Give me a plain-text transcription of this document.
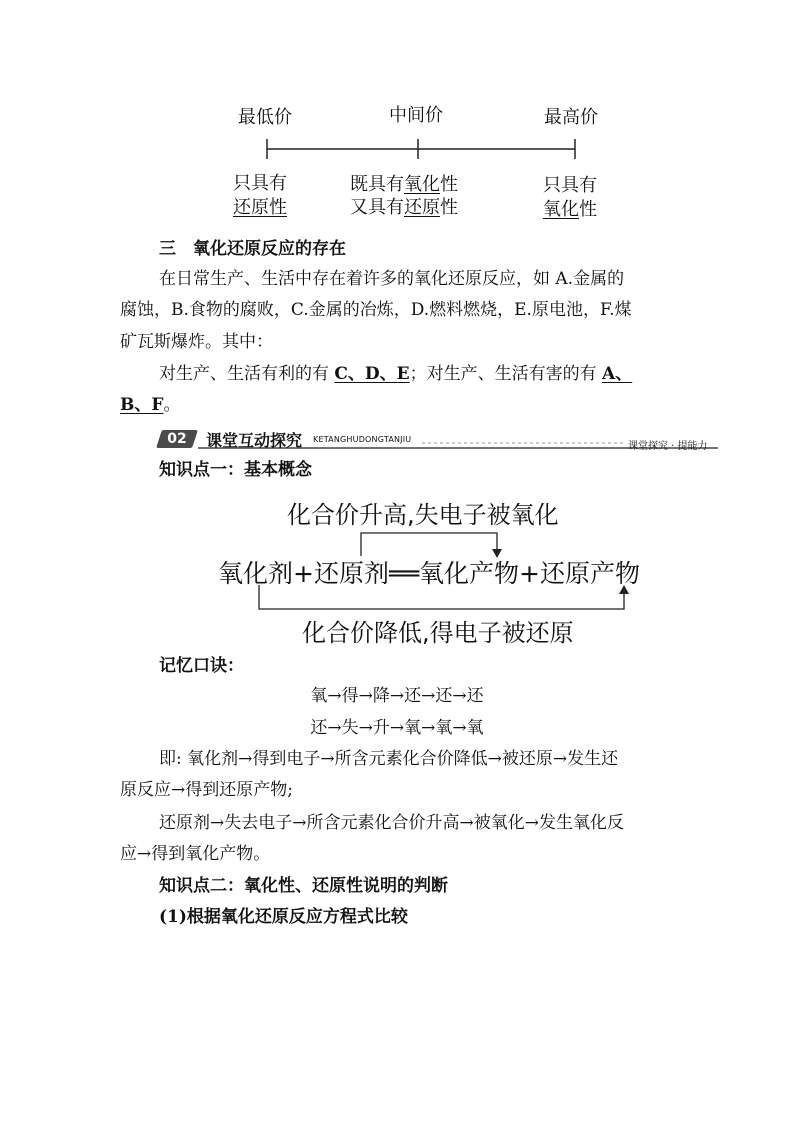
最低价	中间价	最高价
只具有
还原性
既具有氧化性
又具有还原性
只具有
氧化性
三　氧化还原反应的存在
在日常生产、生活中存在着许多的氧化还原反应，如 A.金属的
腐蚀，B.食物的腐败，C.金属的冶炼，D.燃料燃烧，E.原电池，F.煤
矿瓦斯爆炸。其中：
对生产、生活有利的有 C、D、E；对生产、生活有害的有 A、
B、F。
02	课堂互动探究 KETANGHUDONGTANJIU
课堂探究 · 提能力
知识点一：基本概念
化合价升高,失电子被氧化
氧化剂+还原剂══氧化产物+还原产物
化合价降低,得电子被还原
记忆口诀：
氧→得→降→还→还→还
还→失→升→氧→氧→氧
即: 氧化剂→得到电子→所含元素化合价降低→被还原→发生还
原反应→得到还原产物;
还原剂→失去电子→所含元素化合价升高→被氧化→发生氧化反
应→得到氧化产物。
知识点二：氧化性、还原性说明的判断
(1)根据氧化还原反应方程式比较
